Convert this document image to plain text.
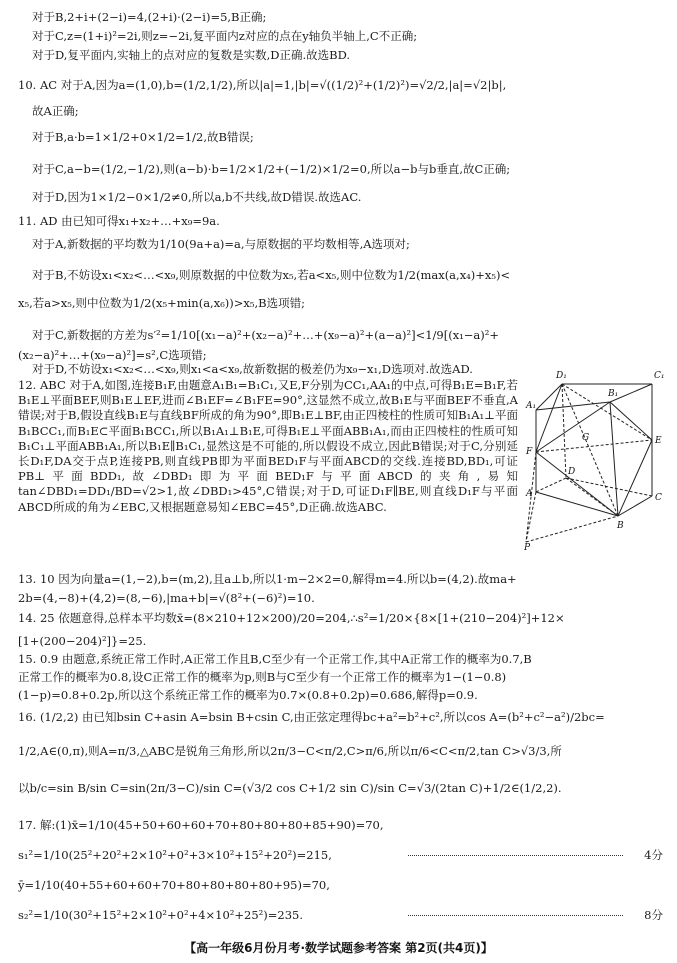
对于B,2+i+(2−i)=4,(2+i)·(2−i)=5,B正确;
对于C,z=(1+i)²=2i,则z=−2i,复平面内z对应的点在y轴负半轴上,C不正确;
对于D,复平面内,实轴上的点对应的复数是实数,D正确.故选BD.
10. AC 对于A,因为a=(1,0),b=(1/2,1/2),所以|a|=1,|b|=√((1/2)²+(1/2)²)=√2/2,|a|=√2|b|,
故A正确;
对于B,a·b=1×1/2+0×1/2=1/2,故B错误;
对于C,a−b=(1/2,−1/2),则(a−b)·b=1/2×1/2+(−1/2)×1/2=0,所以a−b与b垂直,故C正确;
对于D,因为1×1/2−0×1/2≠0,所以a,b不共线,故D错误.故选AC.
11. AD 由已知可得x₁+x₂+…+x₉=9a.
对于A,新数据的平均数为1/10(9a+a)=a,与原数据的平均数相等,A选项对;
对于B,不妨设x₁<x₂<…<x₉,则原数据的中位数为x₅,若a<x₅,则中位数为1/2(max(a,x₄)+x₅)<
x₅,若a>x₅,则中位数为1/2(x₅+min(a,x₆))>x₅,B选项错;
对于C,新数据的方差为s′²=1/10[(x₁−a)²+(x₂−a)²+…+(x₉−a)²+(a−a)²]<1/9[(x₁−a)²+
(x₂−a)²+…+(x₉−a)²]=s²,C选项错;
对于D,不妨设x₁<x₂<…<x₉,则x₁<a<x₉,故新数据的极差仍为x₉−x₁,D选项对.故选AD.
13. 10 因为向量a=(1,−2),b=(m,2),且a⊥b,所以1·m−2×2=0,解得m=4.所以b=(4,2).故ma+
2b=(4,−8)+(4,2)=(8,−6),|ma+b|=√(8²+(−6)²)=10.
14. 25 依题意得,总样本平均数x̄=(8×210+12×200)/20=204,∴s²=1/20×{8×[1+(210−204)²]+12×
[1+(200−204)²]}=25.
15. 0.9 由题意,系统正常工作时,A正常工作且B,C至少有一个正常工作,其中A正常工作的概率为0.7,B
正常工作的概率为0.8,设C正常工作的概率为p,则B与C至少有一个正常工作的概率为1−(1−0.8)
(1−p)=0.8+0.2p,所以这个系统正常工作的概率为0.7×(0.8+0.2p)=0.686,解得p=0.9.
16. (1/2,2) 由已知bsin C+asin A=bsin B+csin C,由正弦定理得bc+a²=b²+c²,所以cos A=(b²+c²−a²)/2bc=
1/2,A∈(0,π),则A=π/3,△ABC是锐角三角形,所以2π/3−C<π/2,C>π/6,所以π/6<C<π/2,tan C>√3/3,所
以b/c=sin B/sin C=sin(2π/3−C)/sin C=(√3/2 cos C+1/2 sin C)/sin C=√3/(2tan C)+1/2∈(1/2,2).
17. 解:(1)x̄=1/10(45+50+60+60+70+80+80+80+85+90)=70,
s₁²=1/10(25²+20²+2×10²+0²+3×10²+15²+20²)=215,
ȳ=1/10(40+55+60+60+70+80+80+80+80+95)=70,
s₂²=1/10(30²+15²+2×10²+0²+4×10²+25²)=235.
12. ABC 对于A,如图,连接B₁F,由题意A₁B₁=B₁C₁,又E,F分别为CC₁,AA₁的中点,可得B₁E=B₁F,若B₁E⊥平面BEF,则B₁E⊥EF,进而∠B₁EF=∠B₁FE=90°,这显然不成立,故B₁E与平面BEF不垂直,A错误;对于B,假设直线B₁E与直线BF所成的角为90°,即B₁E⊥BF,由正四棱柱的性质可知B₁A₁⊥平面B₁BCC₁,而B₁E⊂平面B₁BCC₁,所以B₁A₁⊥B₁E,可得B₁E⊥平面ABB₁A₁,而由正四棱柱的性质可知B₁C₁⊥平面ABB₁A₁,所以B₁E∥B₁C₁,显然这是不可能的,所以假设不成立,因此B错误;对于C,分别延长D₁F,DA交于点P,连接PB,则直线PB即为平面BED₁F与平面ABCD的交线.连接BD,BD₁,可证PB⊥平面BDD₁,故∠DBD₁即为平面BED₁F与平面ABCD的夹角,易知tan∠DBD₁=DD₁/BD=√2>1,故∠DBD₁>45°,C错误;对于D,可证D₁F∥BE,则直线D₁F与平面ABCD所成的角为∠EBC,又根据题意易知∠EBC=45°,D正确.故选ABC.
4分
8分
D₁	C₁
A₁
B₁
G
F
E
D
A	C
B
P
【高一年级6月份月考·数学试题参考答案 第2页(共4页)】
